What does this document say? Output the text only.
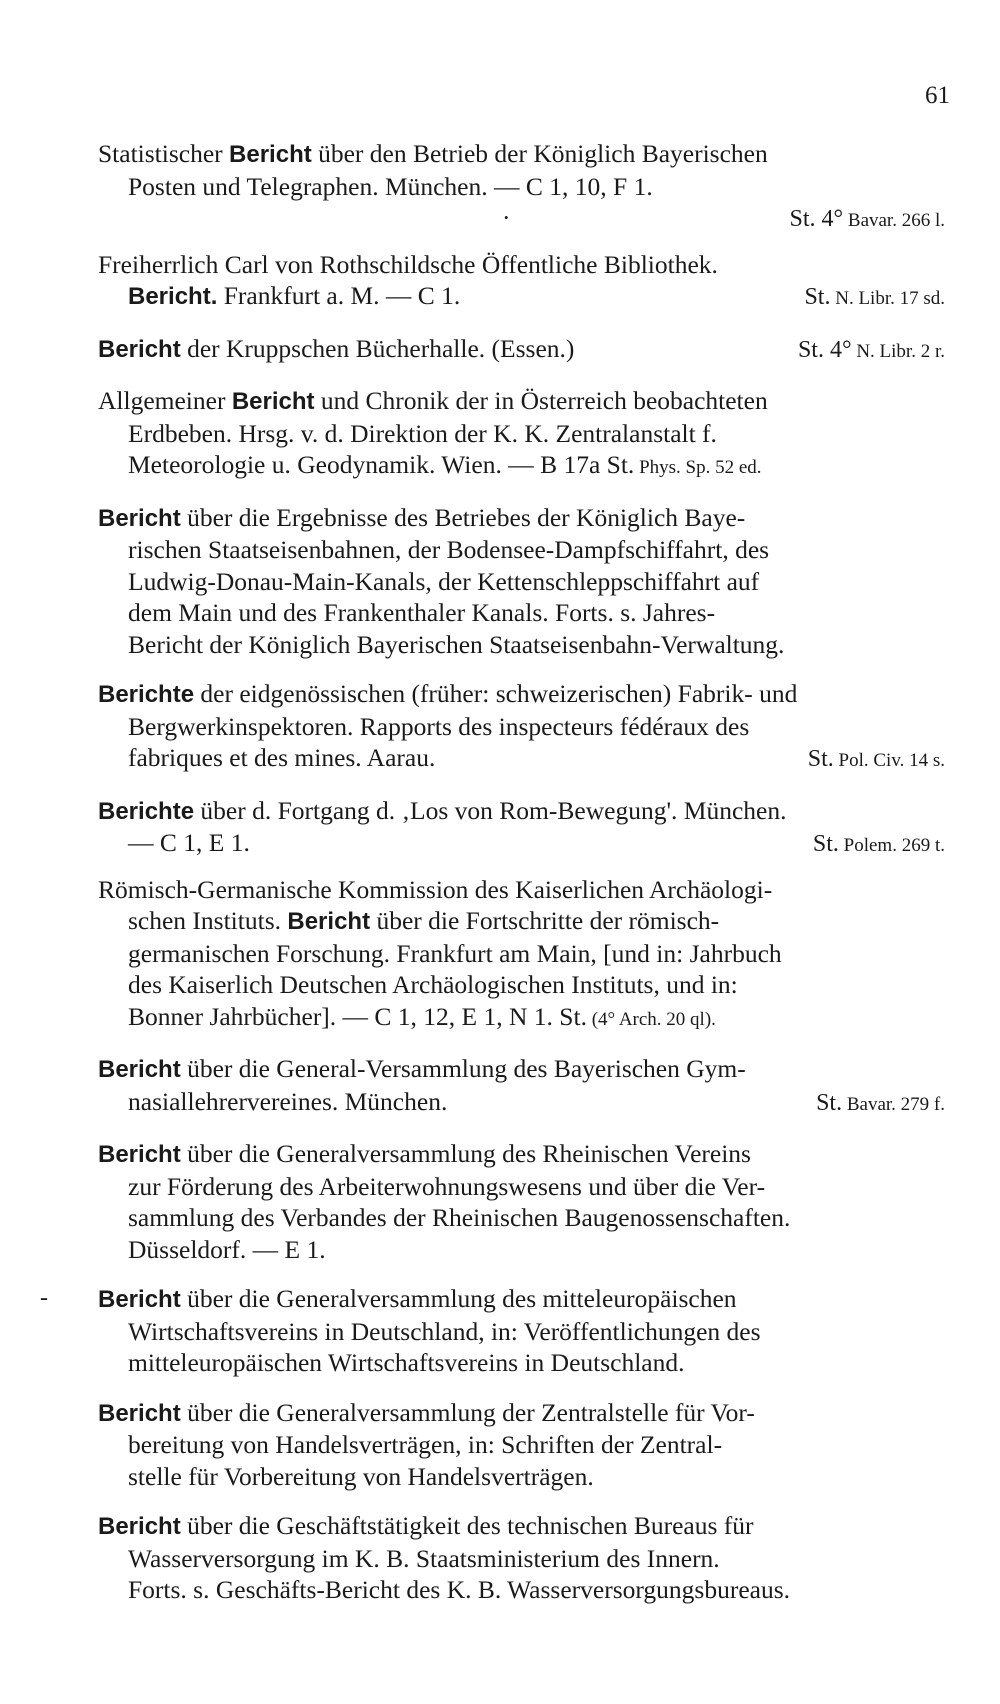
61
Statistischer Bericht über den Betrieb der Königlich Bayerischen
Posten und Telegraphen. München. — C 1, 10, F 1.
·	St. 4° Bavar. 266 l.
Freiherrlich Carl von Rothschildsche Öffentliche Bibliothek.
Bericht. Frankfurt a. M. — C 1.	St. N. Libr. 17 sd.
Bericht der Kruppschen Bücherhalle. (Essen.)	St. 4° N. Libr. 2 r.
Allgemeiner Bericht und Chronik der in Österreich beobachteten
Erdbeben. Hrsg. v. d. Direktion der K. K. Zentralanstalt f.
Meteorologie u. Geodynamik. Wien. — B 17a St. Phys. Sp. 52 ed.
Bericht über die Ergebnisse des Betriebes der Königlich Baye-
rischen Staatseisenbahnen, der Bodensee-Dampfschiffahrt, des
Ludwig-Donau-Main-Kanals, der Kettenschleppschiffahrt auf
dem Main und des Frankenthaler Kanals. Forts. s. Jahres-
Bericht der Königlich Bayerischen Staatseisenbahn-Verwaltung.
Berichte der eidgenössischen (früher: schweizerischen) Fabrik- und
Bergwerkinspektoren. Rapports des inspecteurs fédéraux des
fabriques et des mines. Aarau.	St. Pol. Civ. 14 s.
Berichte über d. Fortgang d. ‚Los von Rom-Bewegung'. München.
— C 1, E 1.	St. Polem. 269 t.
Römisch-Germanische Kommission des Kaiserlichen Archäologi-
schen Instituts. Bericht über die Fortschritte der römisch-
germanischen Forschung. Frankfurt am Main, [und in: Jahrbuch
des Kaiserlich Deutschen Archäologischen Instituts, und in:
Bonner Jahrbücher]. — C 1, 12, E 1, N 1. St. (4° Arch. 20 ql).
Bericht über die General-Versammlung des Bayerischen Gym-
nasiallehrervereines. München.	St. Bavar. 279 f.
Bericht über die Generalversammlung des Rheinischen Vereins
zur Förderung des Arbeiterwohnungswesens und über die Ver-
sammlung des Verbandes der Rheinischen Baugenossenschaften.
Düsseldorf. — E 1.
- Bericht über die Generalversammlung des mitteleuropäischen
Wirtschaftsvereins in Deutschland, in: Veröffentlichungen des
mitteleuropäischen Wirtschaftsvereins in Deutschland.
Bericht über die Generalversammlung der Zentralstelle für Vor-
bereitung von Handelsverträgen, in: Schriften der Zentral-
stelle für Vorbereitung von Handelsverträgen.
Bericht über die Geschäftstätigkeit des technischen Bureaus für
Wasserversorgung im K. B. Staatsministerium des Innern.
Forts. s. Geschäfts-Bericht des K. B. Wasserversorgungsbureaus.
